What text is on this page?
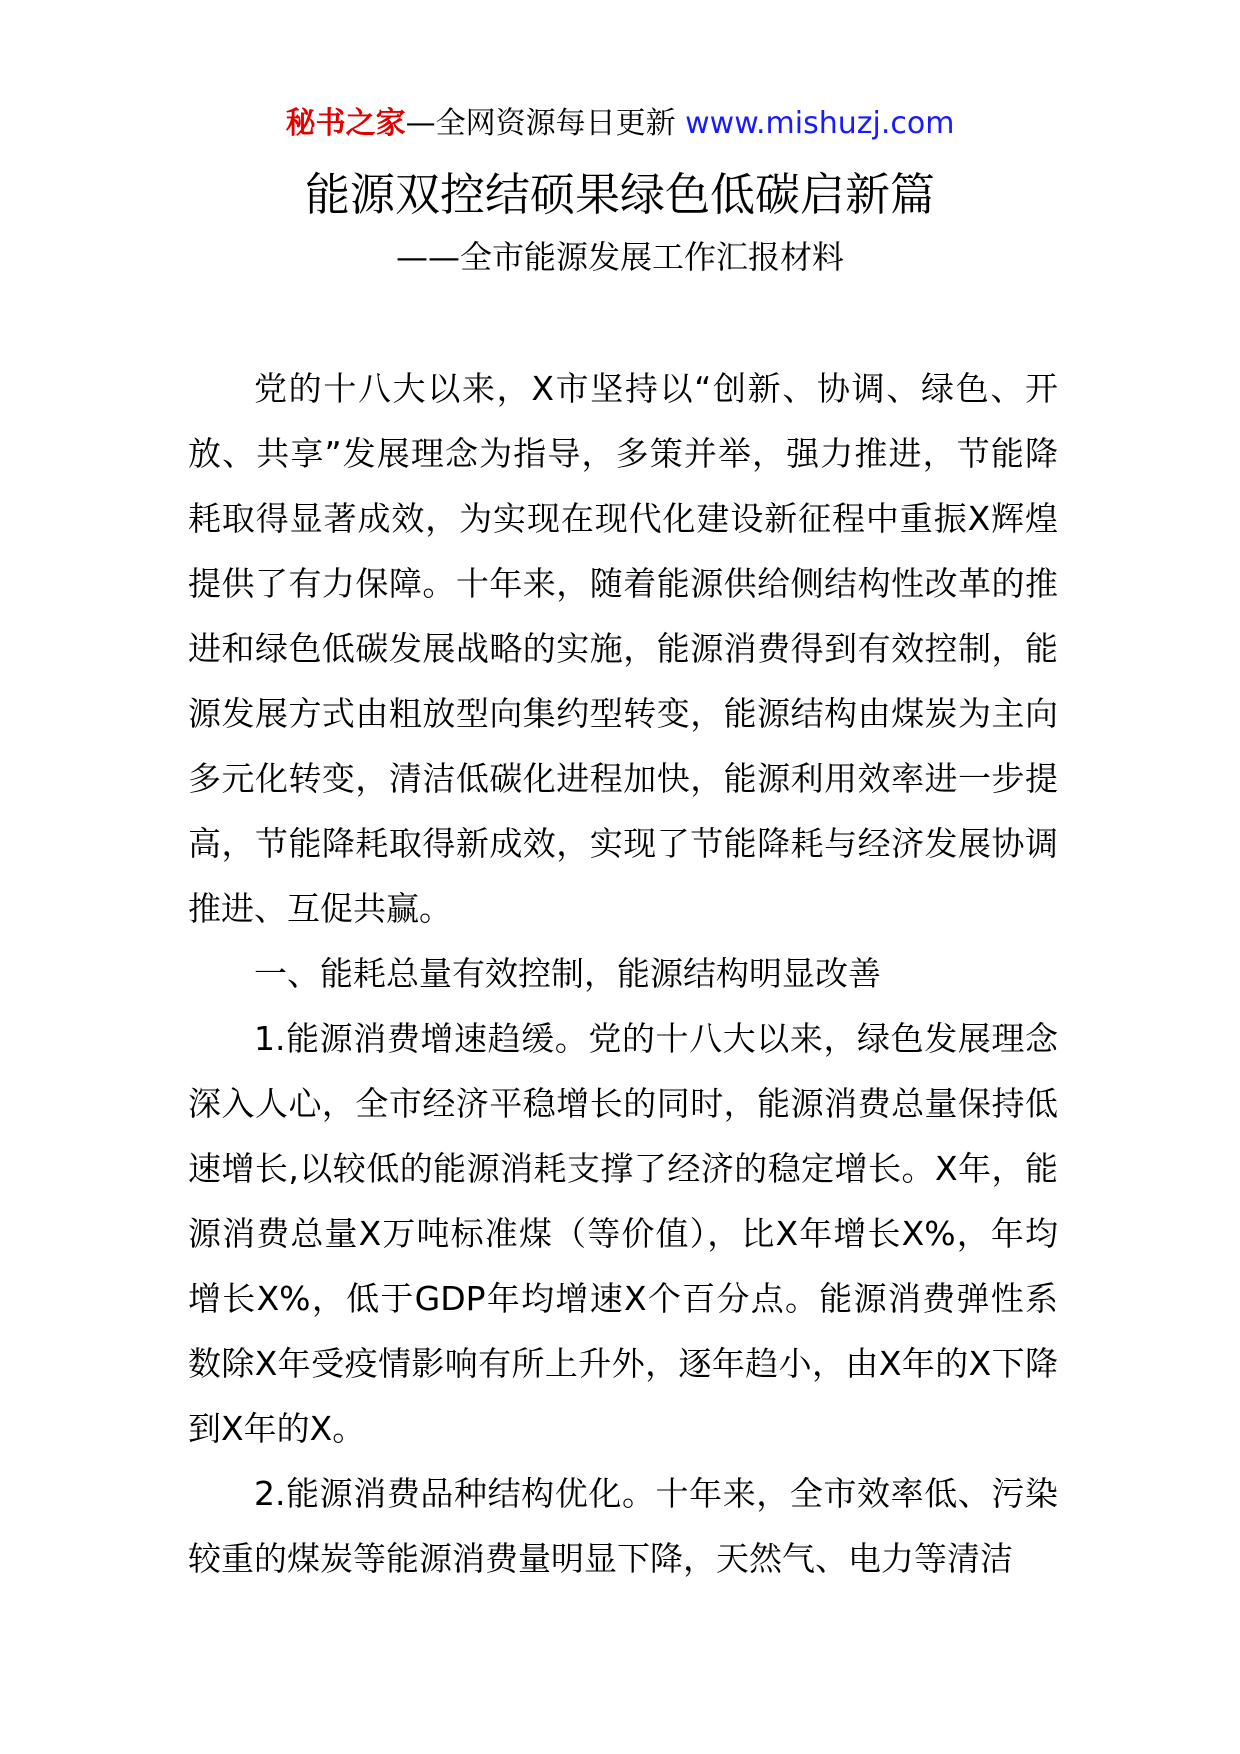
秘书之家—全网资源每日更新 www.mishuzj.com
能源双控结硕果绿色低碳启新篇
——全市能源发展工作汇报材料

党的十八大以来，X市坚持以“创新、协调、绿色、开放、共享”发展理念为指导，多策并举，强力推进，节能降耗取得显著成效，为实现在现代化建设新征程中重振X辉煌提供了有力保障。十年来，随着能源供给侧结构性改革的推进和绿色低碳发展战略的实施，能源消费得到有效控制，能源发展方式由粗放型向集约型转变，能源结构由煤炭为主向多元化转变，清洁低碳化进程加快，能源利用效率进一步提高，节能降耗取得新成效，实现了节能降耗与经济发展协调推进、互促共赢。

一、能耗总量有效控制，能源结构明显改善

1.能源消费增速趋缓。党的十八大以来，绿色发展理念深入人心，全市经济平稳增长的同时，能源消费总量保持低速增长,以较低的能源消耗支撑了经济的稳定增长。X年，能源消费总量X万吨标准煤（等价值），比X年增长X%，年均增长X%，低于GDP年均增速X个百分点。能源消费弹性系数除X年受疫情影响有所上升外，逐年趋小，由X年的X下降到X年的X。

2.能源消费品种结构优化。十年来，全市效率低、污染较重的煤炭等能源消费量明显下降，天然气、电力等清洁
